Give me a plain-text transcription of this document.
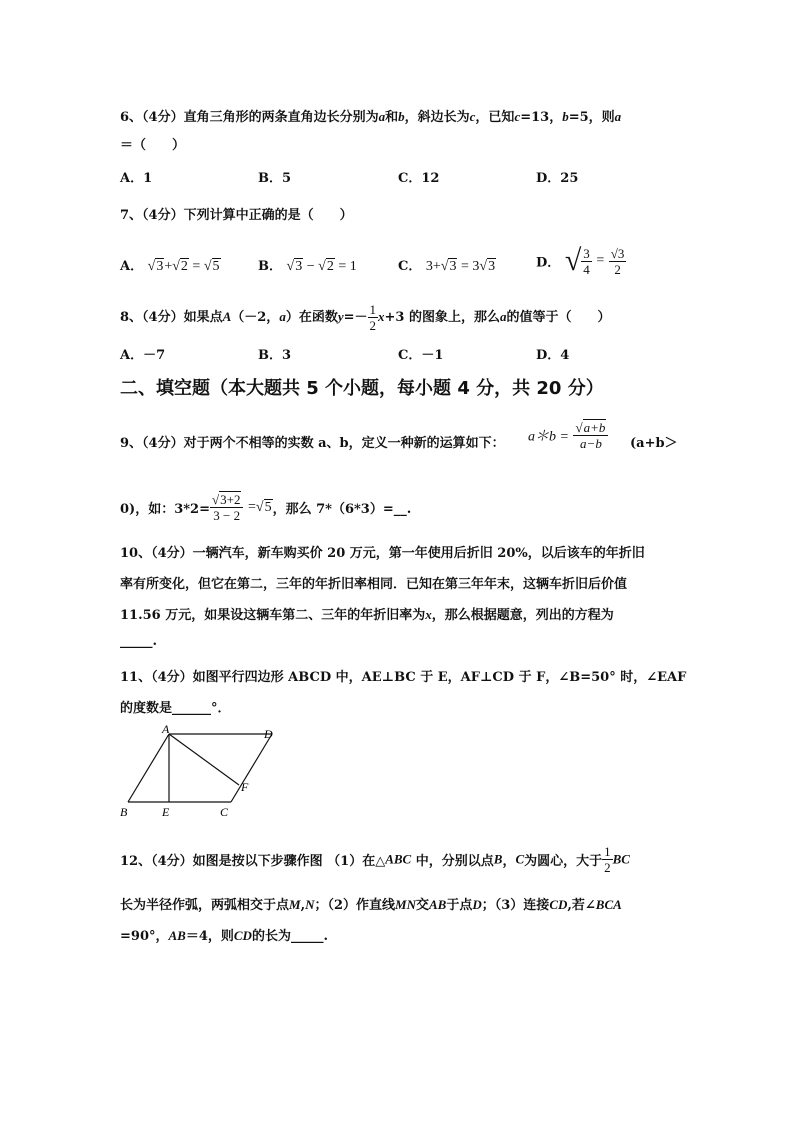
6、（4分）直角三角形的两条直角边长分别为a和b，斜边长为c，已知c=13，b=5，则a
＝（　　）
A．1	B．5	C．12	D．25
7、（4分）下列计算中正确的是（　　）
A． √3+√2 = √5	B． √3 − √2 = 1	C． 3+√3 = 3√3	D． √ $\frac{3}{4} = \frac{√3}{2}$
8、（4分）如果点A（－2，a）在函数$y=- \frac{1}{2} x+3$ 的图象上，那么a的值等于（　　）
A．－7	B．3	C．－1	D．4
二、填空题（本大题共 5 个小题，每小题 4 分，共 20 分）
9、（4分）对于两个不相等的实数 a、b，定义一种新的运算如下： a＊b = $\frac{√a+b}{a-b} (a+b>$
0)，如：$3*2= \frac{√3+2}{3 - 2} =√5$，那么 7*（6*3）=__.
10、（4分）一辆汽车，新车购买价 20 万元，第一年使用后折旧 20%，以后该车的年折旧
率有所变化，但它在第二，三年的年折旧率相同．已知在第三年年末，这辆车折旧后价值
11.56 万元，如果设这辆车第二、三年的年折旧率为x，那么根据题意，列出的方程为
_____.
11、（4分）如图平行四边形 ABCD 中，AE⊥BC 于 E，AF⊥CD 于 F，∠B=50° 时，∠EAF
的度数是______°．
A	D
B	E	C
F
12、（4分）如图是按以下步骤作图 （1）在△ABC 中，分别以点B，C为圆心，大于 $\frac{1}{2}$ BC
长为半径作弧，两弧相交于点M,N；（2）作直线MN交AB于点D；（3）连接CD,若∠BCA
=90°，AB＝4，则CD的长为_____.
